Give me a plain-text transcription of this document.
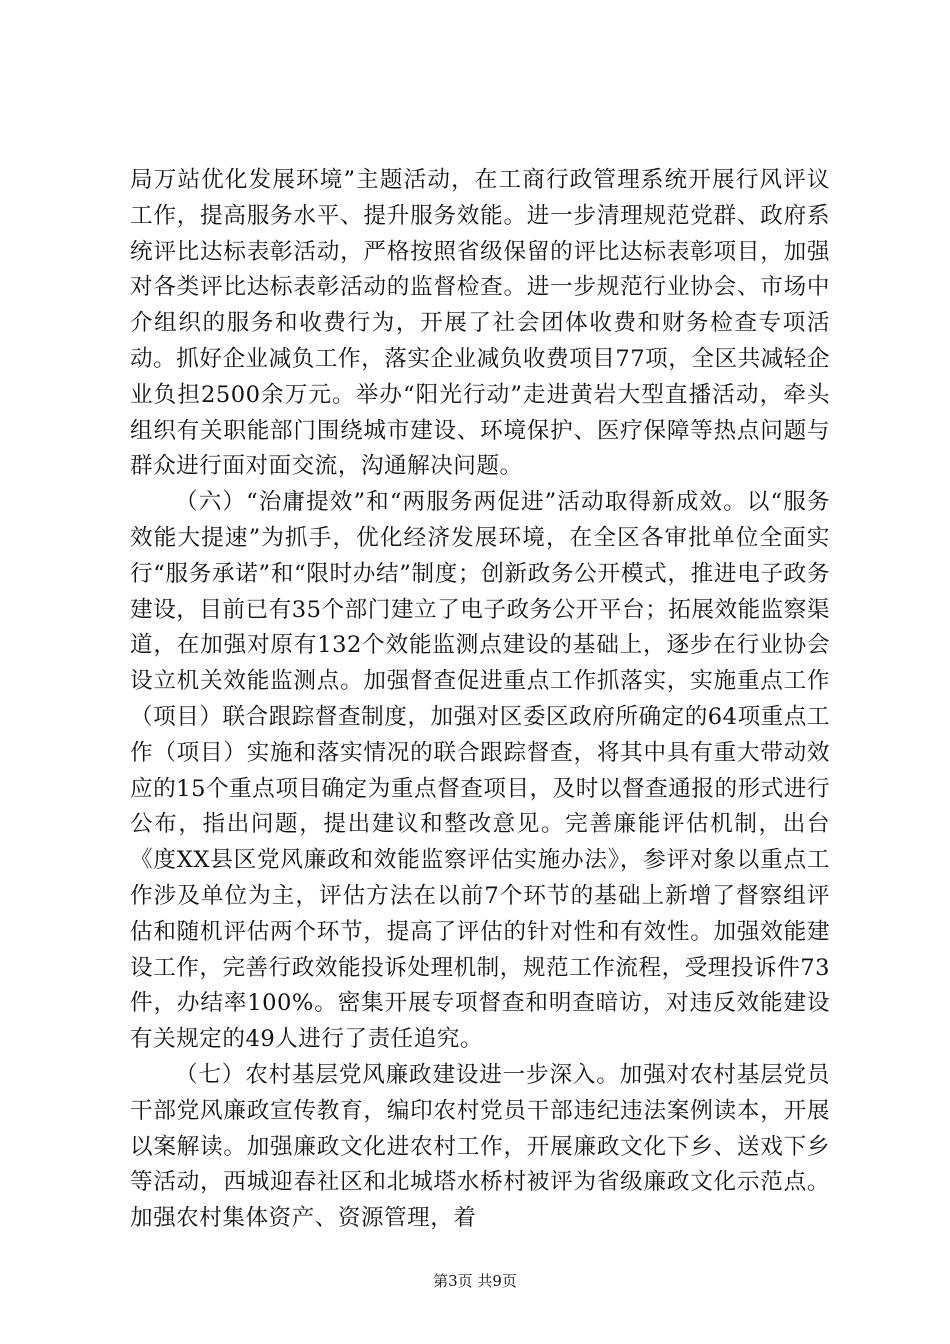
局万站优化发展环境”主题活动，在工商行政管理系统开展行风评议工作，提高服务水平、提升服务效能。进一步清理规范党群、政府系统评比达标表彰活动，严格按照省级保留的评比达标表彰项目，加强对各类评比达标表彰活动的监督检查。进一步规范行业协会、市场中介组织的服务和收费行为，开展了社会团体收费和财务检查专项活动。抓好企业减负工作，落实企业减负收费项目77项，全区共减轻企业负担2500余万元。举办“阳光行动”走进黄岩大型直播活动，牵头组织有关职能部门围绕城市建设、环境保护、医疗保障等热点问题与群众进行面对面交流，沟通解决问题。

（六）“治庸提效”和“两服务两促进”活动取得新成效。以“服务效能大提速”为抓手，优化经济发展环境，在全区各审批单位全面实行“服务承诺”和“限时办结”制度；创新政务公开模式，推进电子政务建设，目前已有35个部门建立了电子政务公开平台；拓展效能监察渠道，在加强对原有132个效能监测点建设的基础上，逐步在行业协会设立机关效能监测点。加强督查促进重点工作抓落实，实施重点工作（项目）联合跟踪督查制度，加强对区委区政府所确定的64项重点工作（项目）实施和落实情况的联合跟踪督查，将其中具有重大带动效应的15个重点项目确定为重点督查项目，及时以督查通报的形式进行公布，指出问题，提出建议和整改意见。完善廉能评估机制，出台《度XX县区党风廉政和效能监察评估实施办法》，参评对象以重点工作涉及单位为主，评估方法在以前7个环节的基础上新增了督察组评估和随机评估两个环节，提高了评估的针对性和有效性。加强效能建设工作，完善行政效能投诉处理机制，规范工作流程，受理投诉件73件，办结率100%。密集开展专项督查和明查暗访，对违反效能建设有关规定的49人进行了责任追究。

（七）农村基层党风廉政建设进一步深入。加强对农村基层党员干部党风廉政宣传教育，编印农村党员干部违纪违法案例读本，开展以案解读。加强廉政文化进农村工作，开展廉政文化下乡、送戏下乡等活动，西城迎春社区和北城塔水桥村被评为省级廉政文化示范点。加强农村集体资产、资源管理，着

第3页 共9页
